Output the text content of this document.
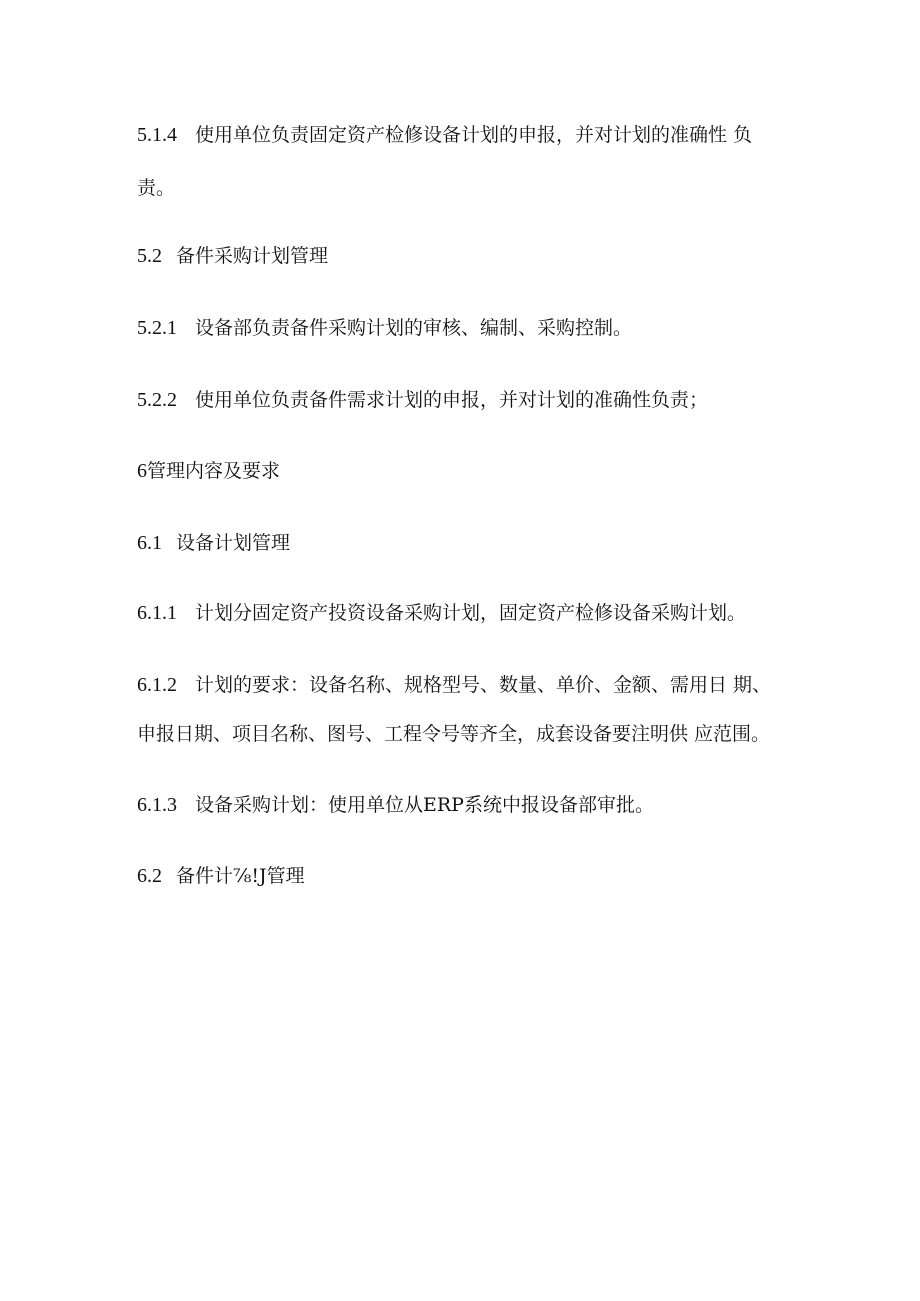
5.1.4 使用单位负责固定资产检修设备计划的申报，并对计划的准确性 负
责。
5.2 备件采购计划管理
5.2.1 设备部负责备件采购计划的审核、编制、采购控制。
5.2.2 使用单位负责备件需求计划的申报，并对计划的准确性负责；
6管理内容及要求
6.1 设备计划管理
6.1.1 计划分固定资产投资设备采购计划，固定资产检修设备采购计划。
6.1.2 计划的要求：设备名称、规格型号、数量、单价、金额、需用日 期、
申报日期、项目名称、图号、工程令号等齐全，成套设备要注明供 应范围。
6.1.3 设备采购计划：使用单位从ERP系统中报设备部审批。
6.2 备件计⅞!J管理
